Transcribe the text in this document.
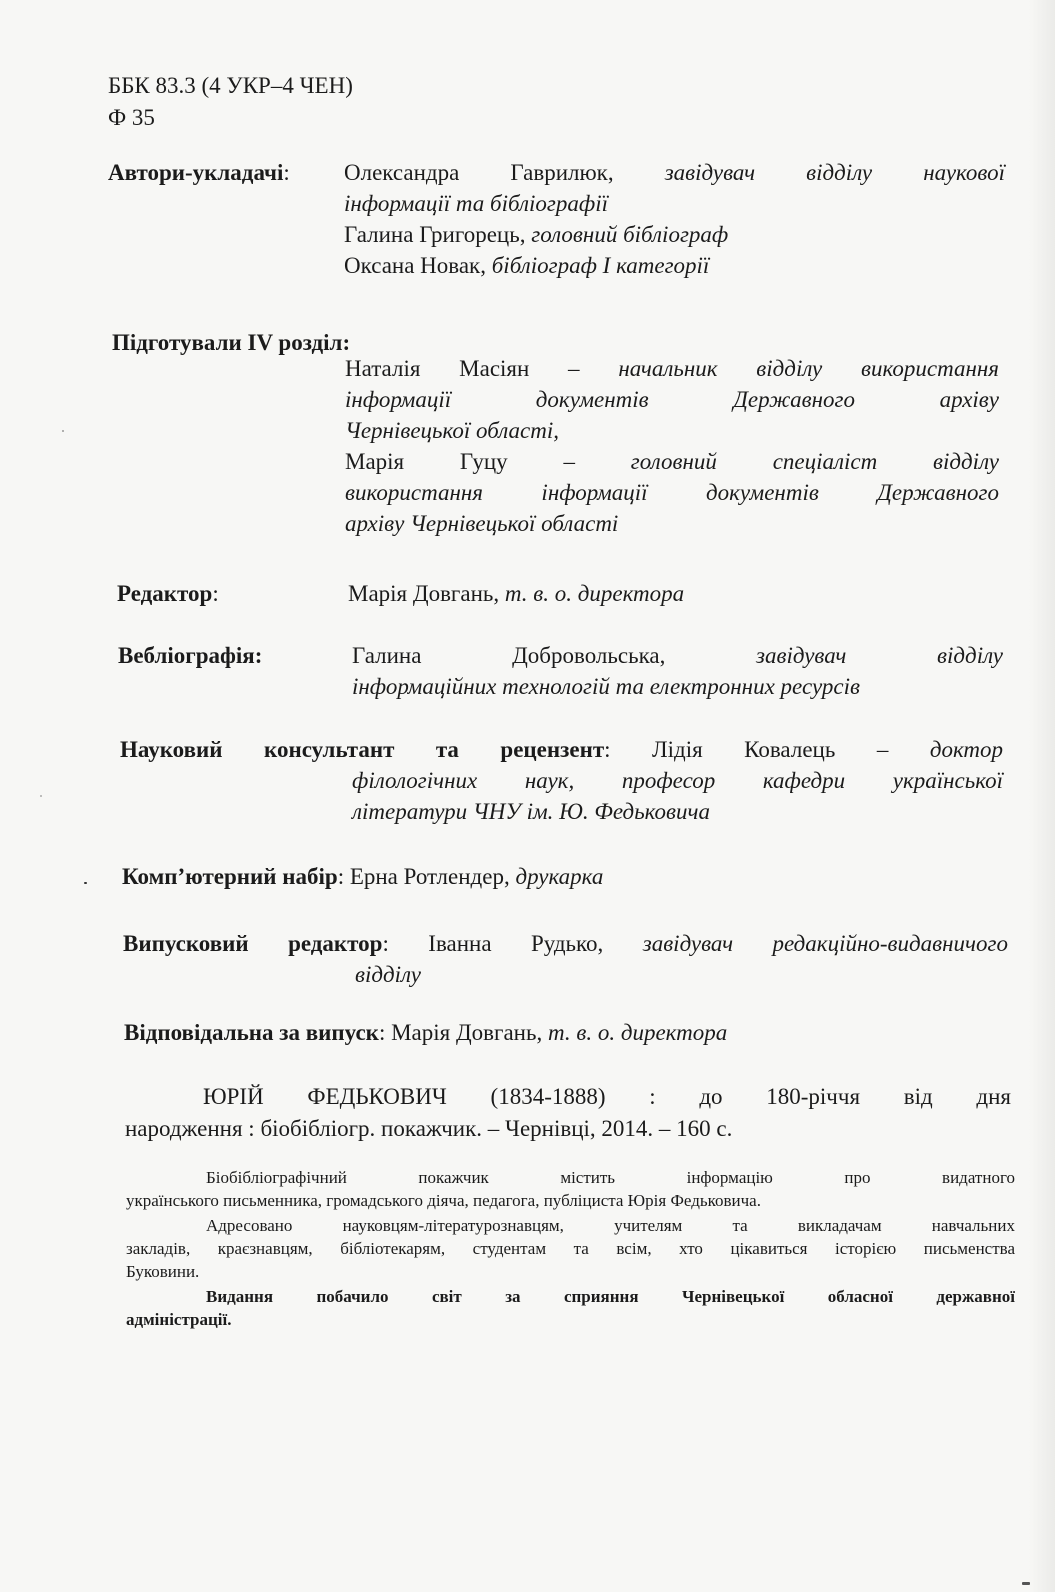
ББК 83.3 (4 УКР–4 ЧЕН)
Ф 35
Автори-укладачі: Олександра Гаврилюк, завідувач відділу наукової
інформації та бібліографії
Галина Григорець, головний бібліограф
Оксана Новак, бібліограф І категорії
Підготували IV розділ:
Наталія Масіян – начальник відділу використання
інформації документів Державного архіву
Чернівецької області,
Марія Гуцу – головний спеціаліст відділу
використання інформації документів Державного
архіву Чернівецької області
Редактор:	Марія Довгань, т. в. о. директора
Вебліографія:	Галина	Добровольська,	завідувач відділу
інформаційних технологій та електронних ресурсів
Науковий консультант та рецензент: Лідія Ковалець – доктор
філологічних наук, професор кафедри української
літератури ЧНУ ім. Ю. Федьковича
Комп’ютерний набір: Ерна Ротлендер, друкарка
Випусковий редактор: Іванна Рудько, завідувач редакційно-видавничого
відділу
Відповідальна за випуск: Марія Довгань, т. в. о. директора
ЮРІЙ ФЕДЬКОВИЧ (1834-1888) : до 180-річчя від дня
народження : біобібліогр. покажчик. – Чернівці, 2014. – 160 с.

Біобібліографічний покажчик містить інформацію про видатного
українського письменника, громадського діяча, педагога, публіциста Юрія Федьковича.

Адресовано науковцям-літературознавцям, учителям та викладачам навчальних
закладів, краєзнавцям, бібліотекарям, студентам та всім, хто цікавиться історією письменства
Буковини.

Видання побачило світ за сприяння Чернівецької обласної державної
адміністрації.
